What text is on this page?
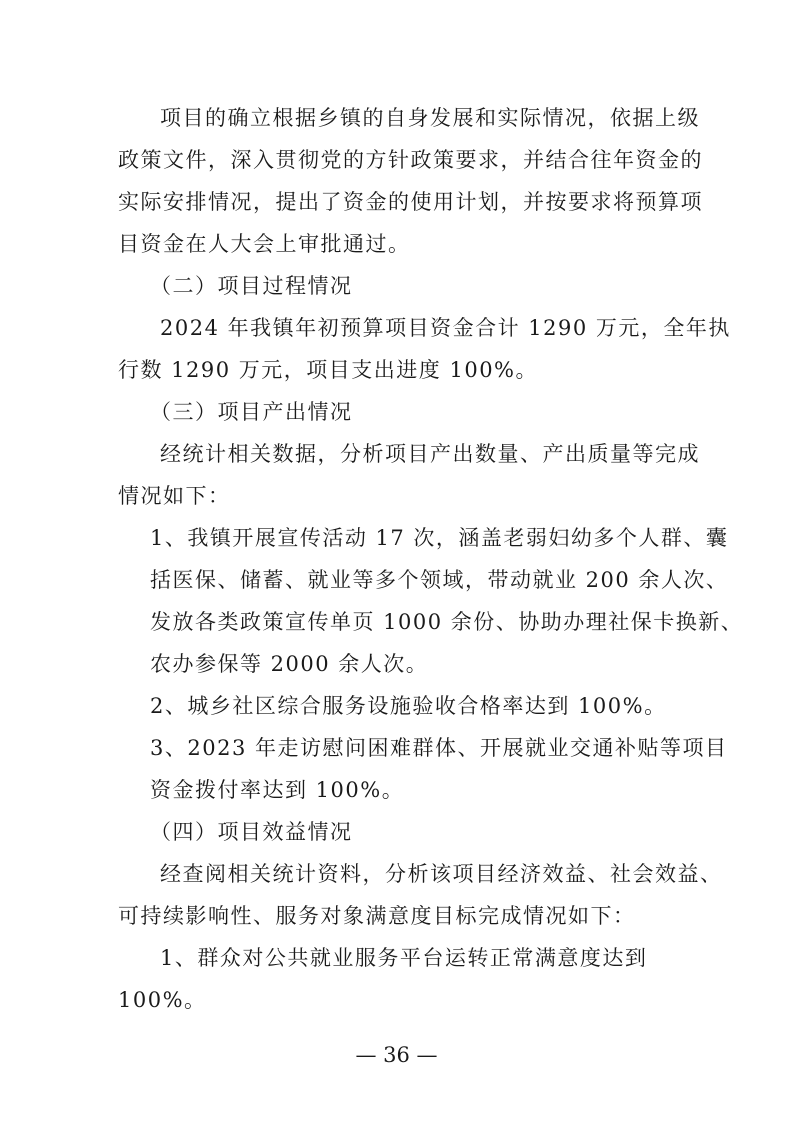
项目的确立根据乡镇的自身发展和实际情况，依据上级
政策文件，深入贯彻党的方针政策要求，并结合往年资金的
实际安排情况，提出了资金的使用计划，并按要求将预算项
目资金在人大会上审批通过。
（二）项目过程情况
2024 年我镇年初预算项目资金合计 1290 万元，全年执
行数 1290 万元，项目支出进度 100%。
（三）项目产出情况
经统计相关数据，分析项目产出数量、产出质量等完成
情况如下：
1、我镇开展宣传活动 17 次，涵盖老弱妇幼多个人群、囊
括医保、储蓄、就业等多个领域，带动就业 200 余人次、
发放各类政策宣传单页 1000 余份、协助办理社保卡换新、
农办参保等 2000 余人次。
2、城乡社区综合服务设施验收合格率达到 100%。
3、2023 年走访慰问困难群体、开展就业交通补贴等项目
资金拨付率达到 100%。
（四）项目效益情况
经查阅相关统计资料，分析该项目经济效益、社会效益、
可持续影响性、服务对象满意度目标完成情况如下：
1、群众对公共就业服务平台运转正常满意度达到
100%。
— 36 —
